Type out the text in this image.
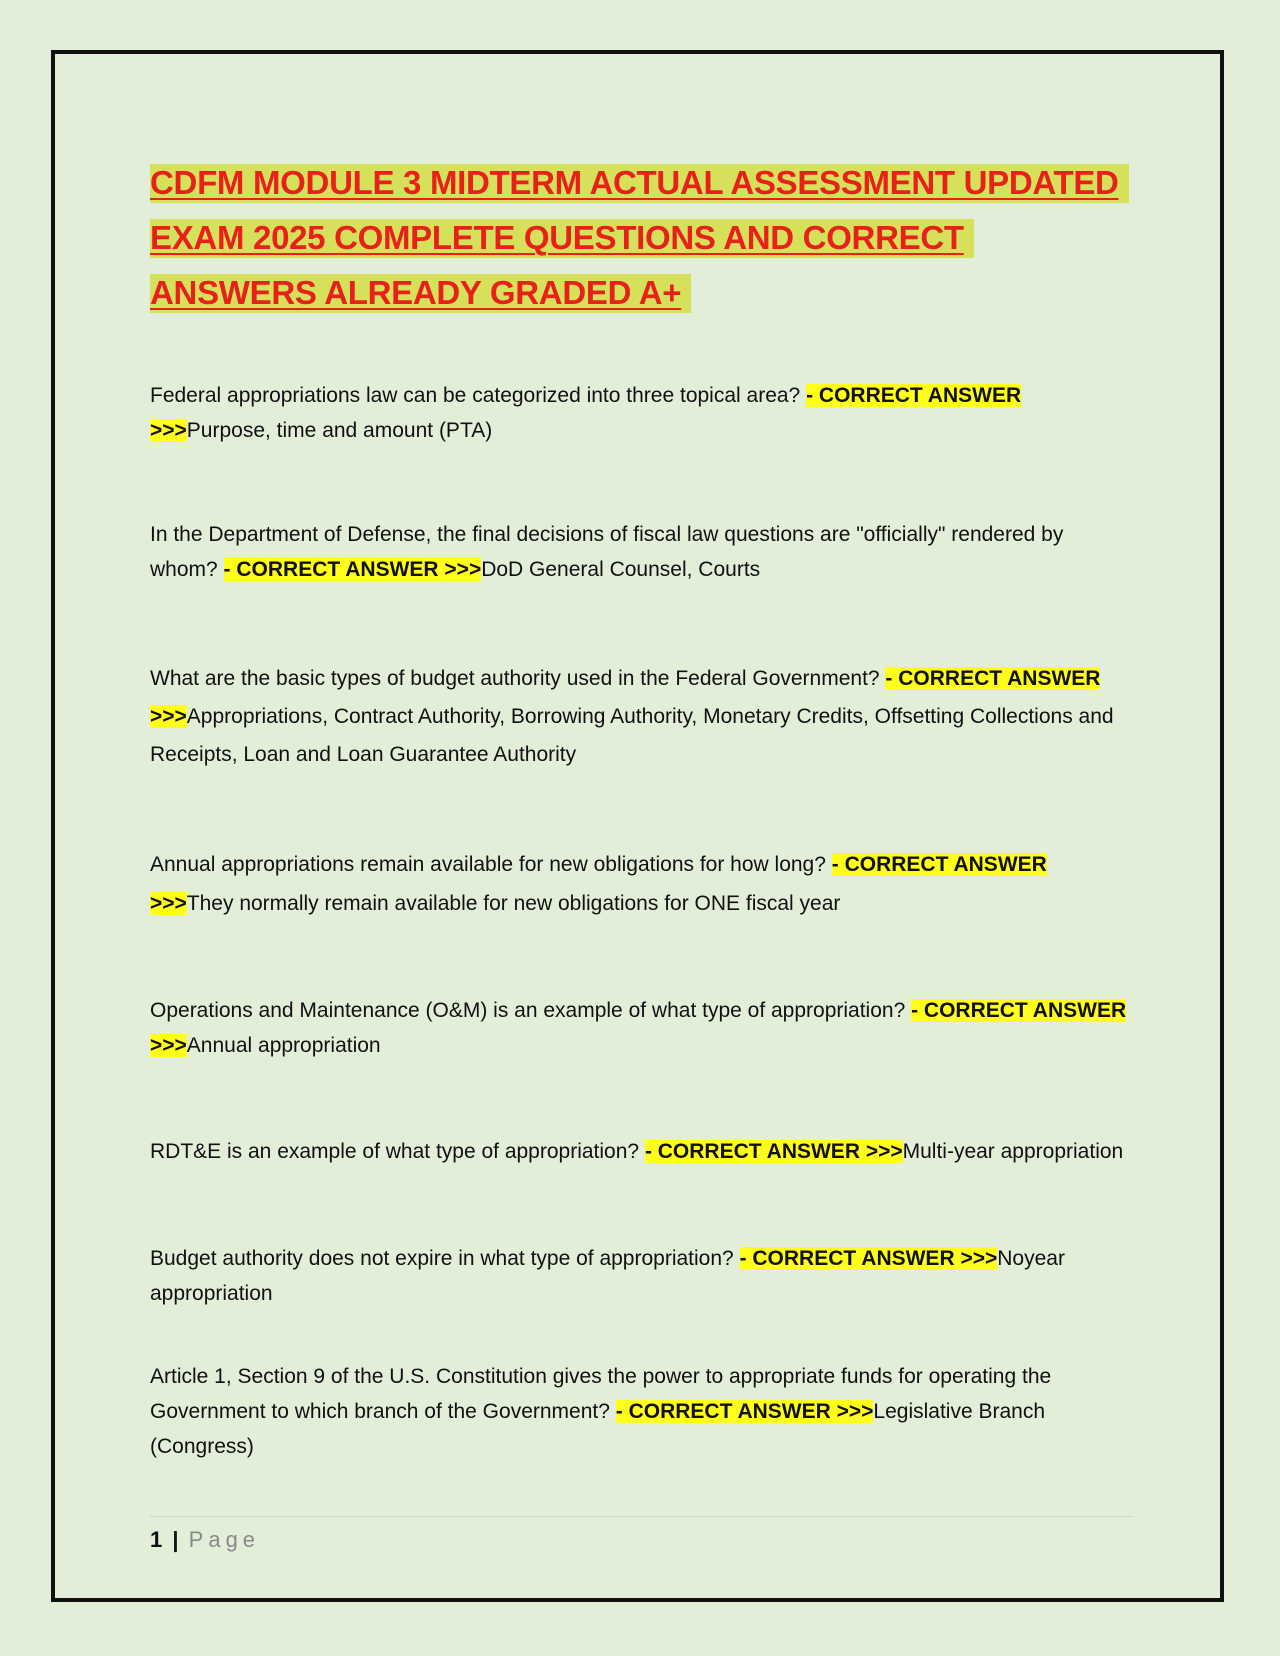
CDFM MODULE 3 MIDTERM ACTUAL ASSESSMENT UPDATED EXAM 2025 COMPLETE QUESTIONS AND CORRECT ANSWERS ALREADY GRADED A+

Federal appropriations law can be categorized into three topical area? - CORRECT ANSWER >>>Purpose, time and amount (PTA)

In the Department of Defense, the final decisions of fiscal law questions are "officially" rendered by whom? - CORRECT ANSWER >>>DoD General Counsel, Courts

What are the basic types of budget authority used in the Federal Government? - CORRECT ANSWER >>>Appropriations, Contract Authority, Borrowing Authority, Monetary Credits, Offsetting Collections and Receipts, Loan and Loan Guarantee Authority

Annual appropriations remain available for new obligations for how long? - CORRECT ANSWER >>>They normally remain available for new obligations for ONE fiscal year

Operations and Maintenance (O&M) is an example of what type of appropriation? - CORRECT ANSWER >>>Annual appropriation

RDT&E is an example of what type of appropriation? - CORRECT ANSWER >>>Multi-year appropriation

Budget authority does not expire in what type of appropriation? - CORRECT ANSWER >>>Noyear appropriation

Article 1, Section 9 of the U.S. Constitution gives the power to appropriate funds for operating the Government to which branch of the Government? - CORRECT ANSWER >>>Legislative Branch (Congress)

1 | Page
